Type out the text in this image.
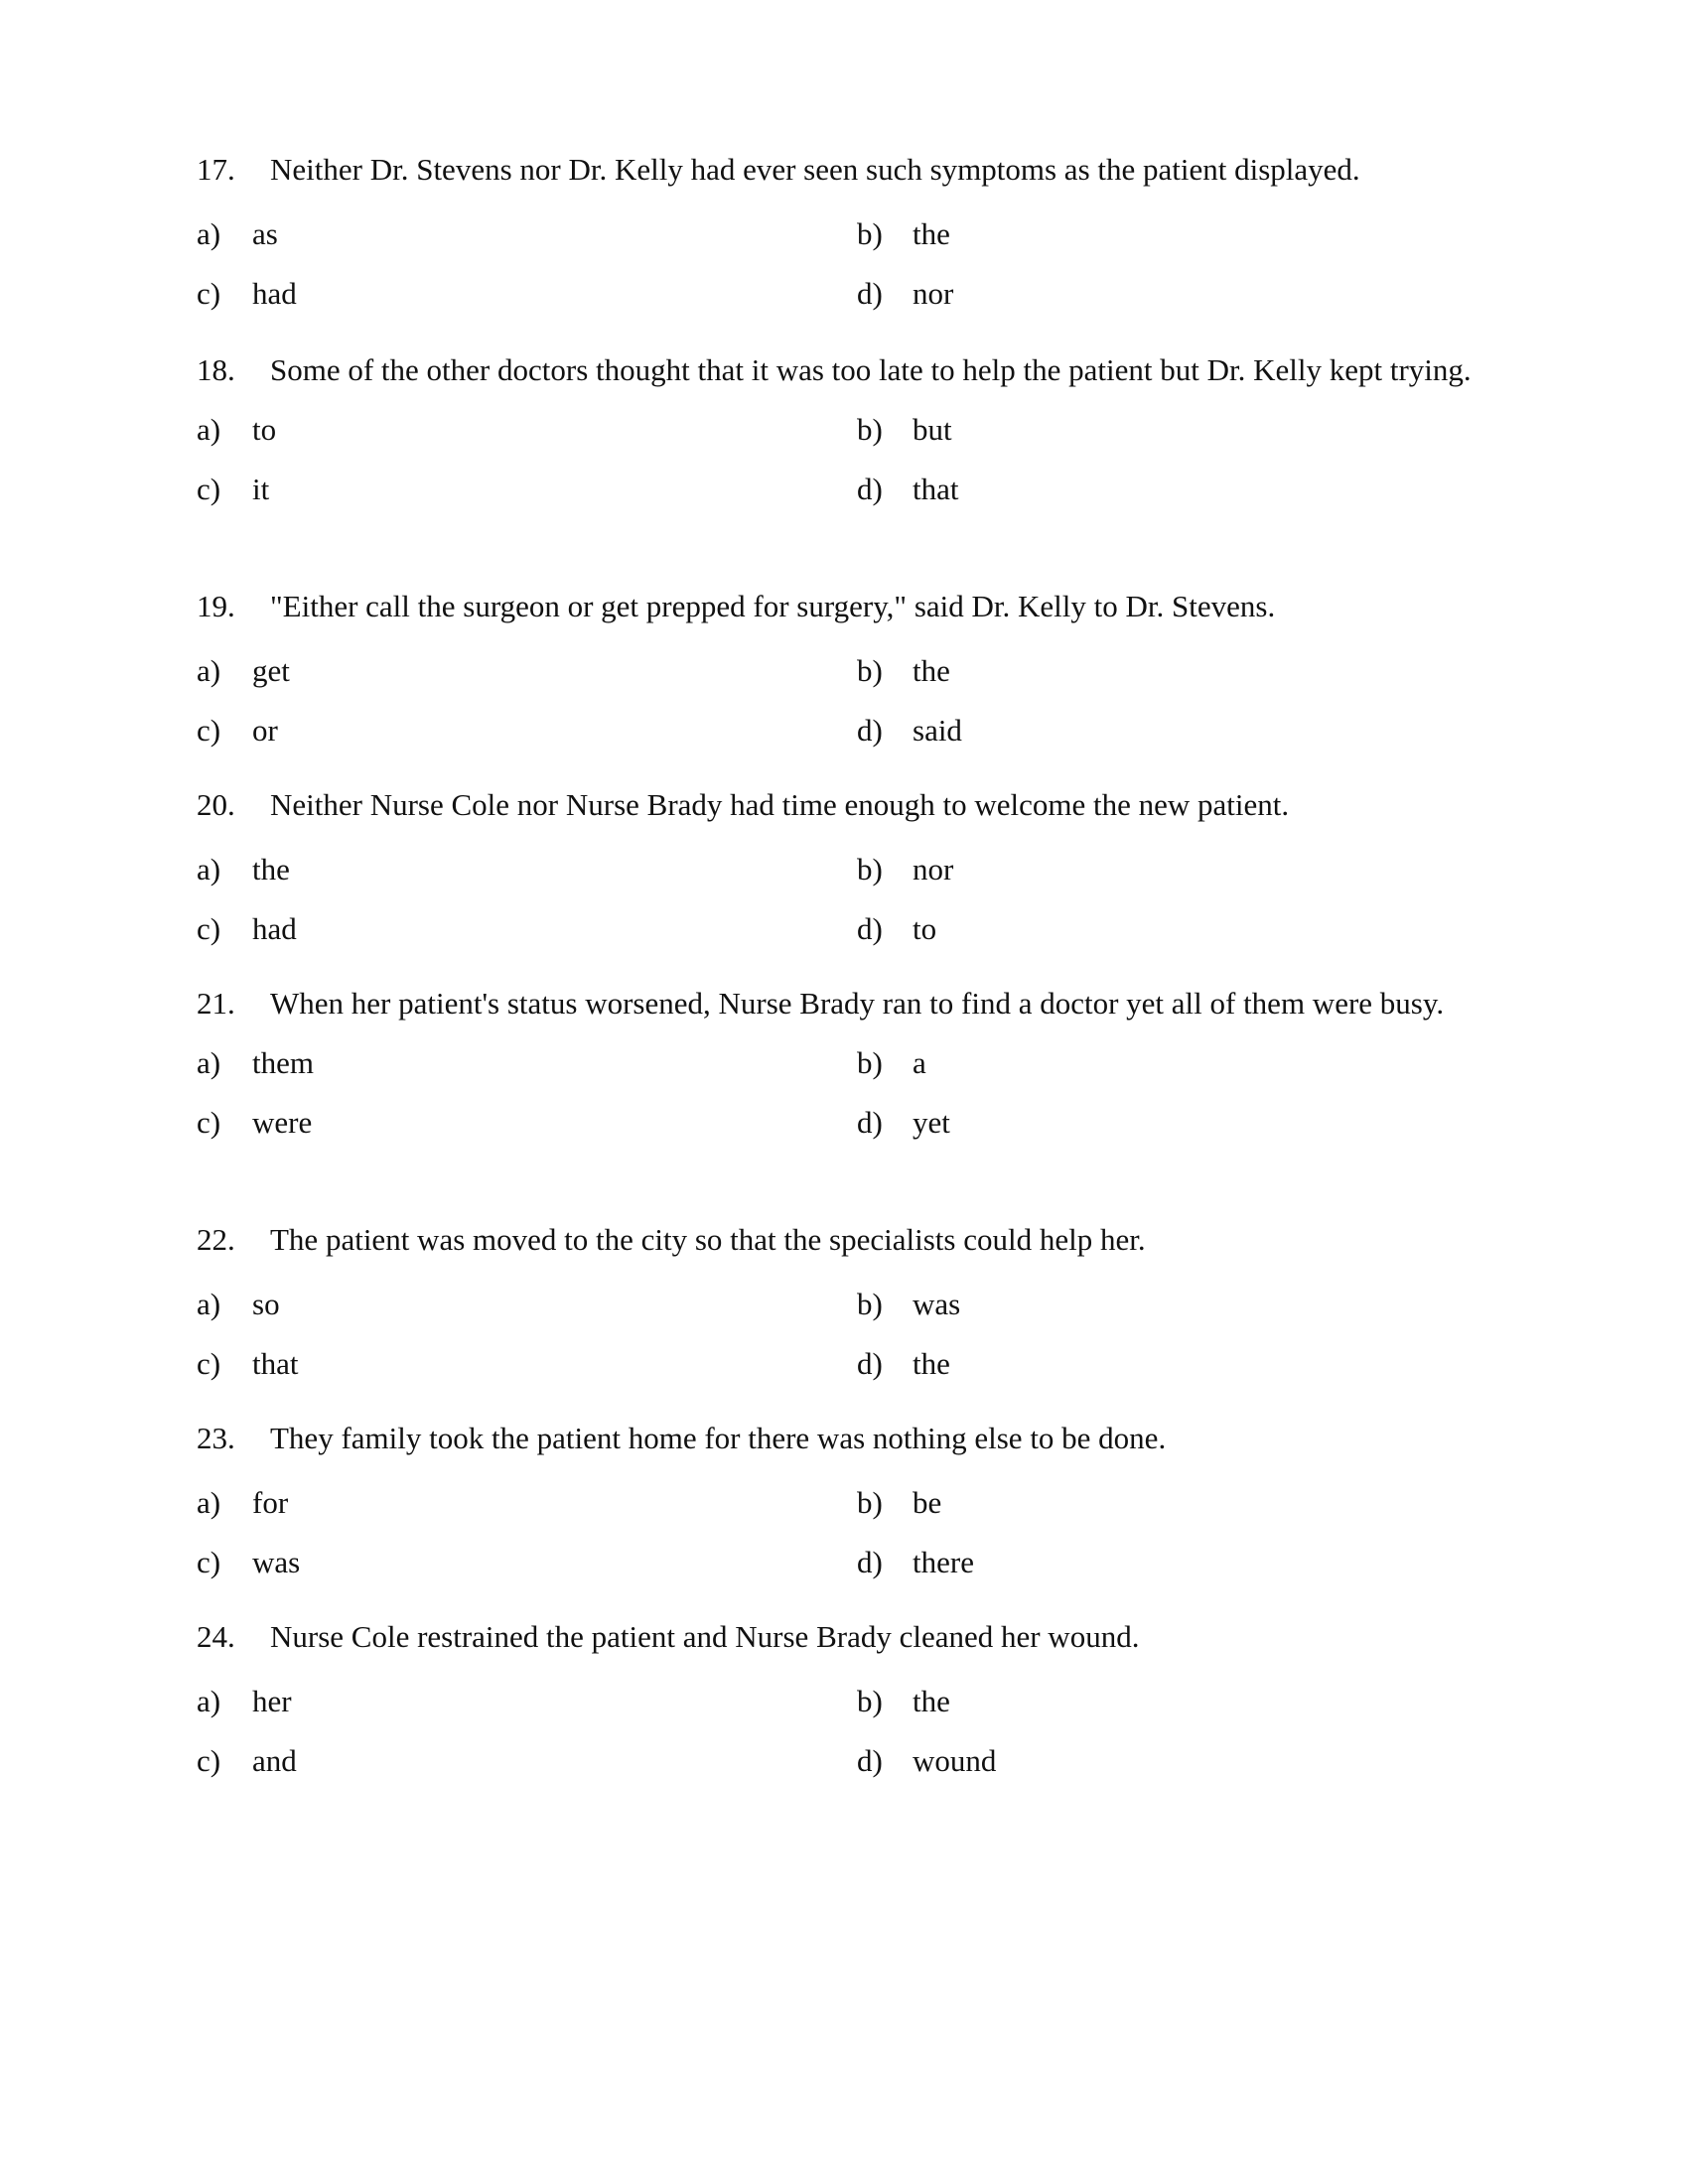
17. Neither Dr. Stevens nor Dr. Kelly had ever seen such symptoms as the patient displayed.
a) as	b) the
c) had	d) nor
18. Some of the other doctors thought that it was too late to help the patient but Dr. Kelly kept trying.
a) to	b) but
c) it	d) that
19. "Either call the surgeon or get prepped for surgery," said Dr. Kelly to Dr. Stevens.
a) get	b) the
c) or	d) said
20. Neither Nurse Cole nor Nurse Brady had time enough to welcome the new patient.
a) the	b) nor
c) had	d) to
21. When her patient's status worsened, Nurse Brady ran to find a doctor yet all of them were busy.
a) them	b) a
c) were	d) yet
22. The patient was moved to the city so that the specialists could help her.
a) so	b) was
c) that	d) the
23. They family took the patient home for there was nothing else to be done.
a) for	b) be
c) was	d) there
24. Nurse Cole restrained the patient and Nurse Brady cleaned her wound.
a) her	b) the
c) and	d) wound
